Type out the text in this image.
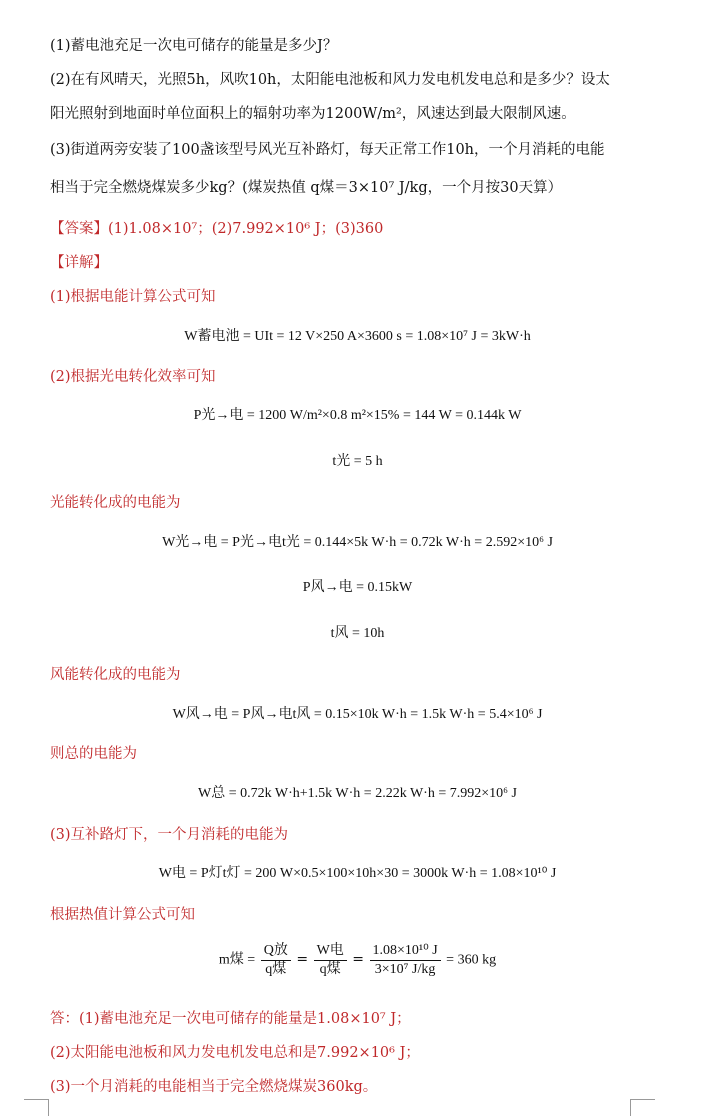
(1)蓄电池充足一次电可储存的能量是多少J？
(2)在有风晴天，光照5h，风吹10h，太阳能电池板和风力发电机发电总和是多少？设太
阳光照射到地面时单位面积上的辐射功率为1200W/m²，风速达到最大限制风速。
(3)街道两旁安装了100盏该型号风光互补路灯，每天正常工作10h，一个月消耗的电能
相当于完全燃烧煤炭多少kg？(煤炭热值 q煤＝3×10⁷ J/kg，一个月按30天算）
【答案】(1)1.08×10⁷；(2)7.992×10⁶ J；(3)360
【详解】
(1)根据电能计算公式可知
W蓄电池 = UIt = 12 V×250 A×3600 s = 1.08×10⁷ J = 3kW·h
(2)根据光电转化效率可知
P光→电 = 1200 W/m²×0.8 m²×15% = 144 W = 0.144k W
t光 = 5 h
光能转化成的电能为
W光→电 = P光→电t光 = 0.144×5k W·h = 0.72k W·h = 2.592×10⁶ J
P风→电 = 0.15kW
t风 = 10h
风能转化成的电能为
W风→电 = P风→电t风 = 0.15×10k W·h = 1.5k W·h = 5.4×10⁶ J
则总的电能为
W总 = 0.72k W·h+1.5k W·h = 2.22k W·h = 7.992×10⁶ J
(3)互补路灯下，一个月消耗的电能为
W电 = P灯t灯 = 200 W×0.5×100×10h×30 = 3000k W·h = 1.08×10¹⁰ J
根据热值计算公式可知
m煤 = $\frac{\text{Q放}}{\text{q煤}} = \frac{\text{W电}}{\text{q煤}} = \frac{\text{1.08×10¹⁰ J}}{\text{3×10⁷ J/kg}} = 360$ kg
答：(1)蓄电池充足一次电可储存的能量是1.08×10⁷ J；
(2)太阳能电池板和风力发电机发电总和是7.992×10⁶ J；
(3)一个月消耗的电能相当于完全燃烧煤炭360kg。
